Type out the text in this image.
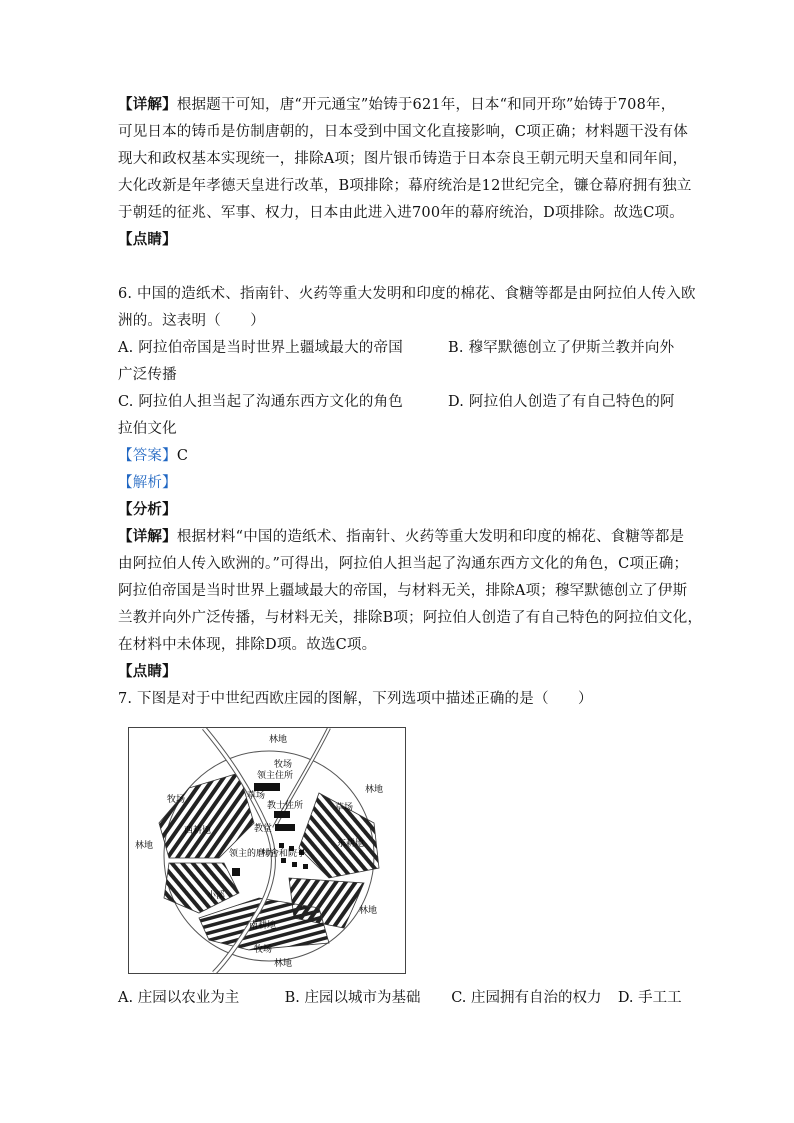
【详解】根据题干可知，唐“开元通宝”始铸于621年，日本“和同开珎”始铸于708年，
可见日本的铸币是仿制唐朝的，日本受到中国文化直接影响，C项正确；材料题干没有体
现大和政权基本实现统一，排除A项；图片银币铸造于日本奈良王朝元明天皇和同年间，
大化改新是年孝德天皇进行改革，B项排除；幕府统治是12世纪完全，镰仓幕府拥有独立
于朝廷的征兆、军事、权力，日本由此进入进700年的幕府统治，D项排除。故选C项。
【点睛】
6. 中国的造纸术、指南针、火药等重大发明和印度的棉花、食糖等都是由阿拉伯人传入欧
洲的。这表明（　　）
A. 阿拉伯帝国是当时世界上疆域最大的帝国	B. 穆罕默德创立了伊斯兰教并向外
广泛传播
C. 阿拉伯人担当起了沟通东西方文化的角色	D. 阿拉伯人创造了有自己特色的阿
拉伯文化
【答案】C
【解析】
【分析】
【详解】根据材料“中国的造纸术、指南针、火药等重大发明和印度的棉花、食糖等都是
由阿拉伯人传入欧洲的。”可得出，阿拉伯人担当起了沟通东西方文化的角色，C项正确；
阿拉伯帝国是当时世界上疆域最大的帝国，与材料无关，排除A项；穆罕默德创立了伊斯
兰教并向外广泛传播，与材料无关，排除B项；阿拉伯人创造了有自己特色的阿拉伯文化，
在材料中未体现，排除D项。故选C项。
【点睛】
7. 下图是对于中世纪西欧庄园的图解，下列选项中描述正确的是（　　）
林地
牧场
领主住所
教士住所
教堂
草场
草场
林地
牧场
西耕地
林地	东耕地
领主的磨坊
村舍和院子
小溪
南耕地
林地
牧场
林地
A. 庄园以农业为主	B. 庄园以城市为基础 C. 庄园拥有自治的权力 D. 手工工
